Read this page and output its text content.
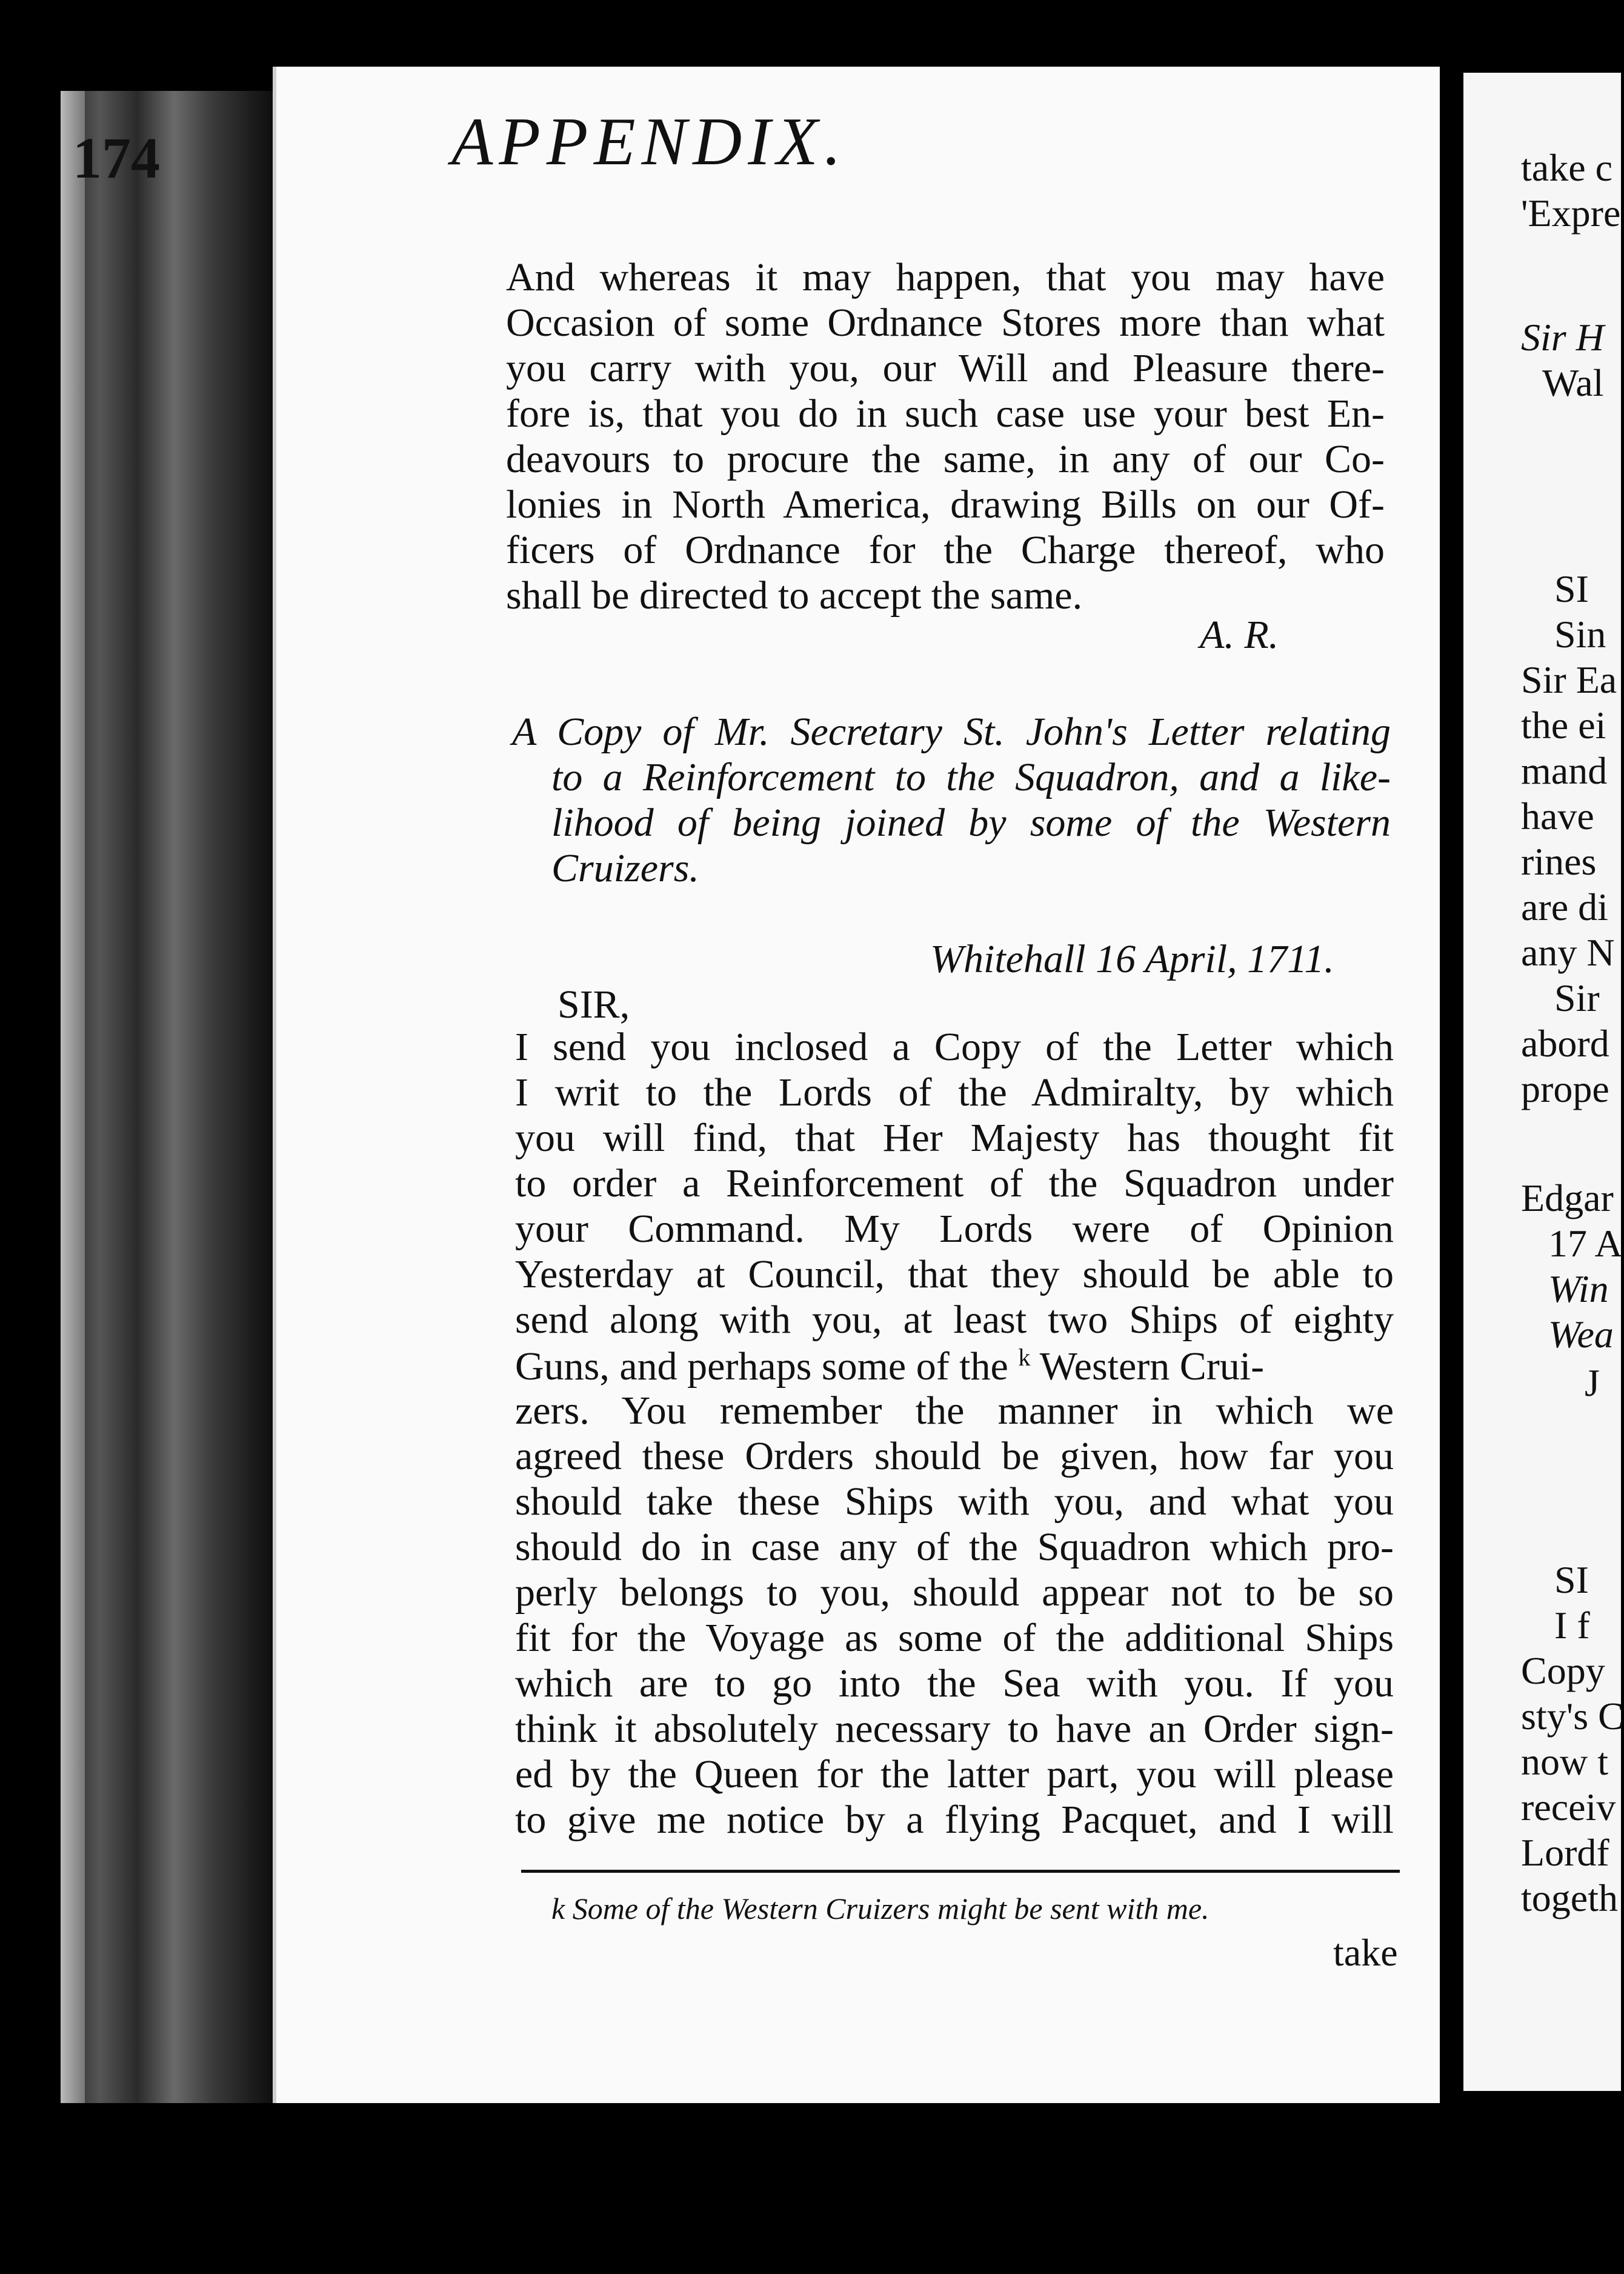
take c
'Expre
Sir H
Wal
SI
Sin
Sir Ea
the ei
mand
have
rines
are di
any N
Sir
abord
prope
Edgar
17 A
Win
Wea
J
SI
I f
Copy
sty's C
now t
receiv
Lordf
togeth
174	APPENDIX.
And whereas it may happen, that you may have
Occasion of some Ordnance Stores more than what
you carry with you, our Will and Pleasure there-
fore is, that you do in such case use your best En-
deavours to procure the same, in any of our Co-
lonies in North America, drawing Bills on our Of-
ficers of Ordnance for the Charge thereof, who
shall be directed to accept the same.
A. R.
A Copy of Mr. Secretary St. John's Letter relating
to a Reinforcement to the Squadron, and a like-
lihood of being joined by some of the Western
Cruizers.
Whitehall 16 April, 1711.
SIR,
I send you inclosed a Copy of the Letter which
I writ to the Lords of the Admiralty, by which
you will find, that Her Majesty has thought fit
to order a Reinforcement of the Squadron under
your Command. My Lords were of Opinion
Yesterday at Council, that they should be able to
send along with you, at least two Ships of eighty
Guns, and perhaps some of the $^k$ Western Crui-
zers. You remember the manner in which we
agreed these Orders should be given, how far you
should take these Ships with you, and what you
should do in case any of the Squadron which pro-
perly belongs to you, should appear not to be so
fit for the Voyage as some of the additional Ships
which are to go into the Sea with you. If you
think it absolutely necessary to have an Order sign-
ed by the Queen for the latter part, you will please
to give me notice by a flying Pacquet, and I will
k Some of the Western Cruizers might be sent with me.
take
